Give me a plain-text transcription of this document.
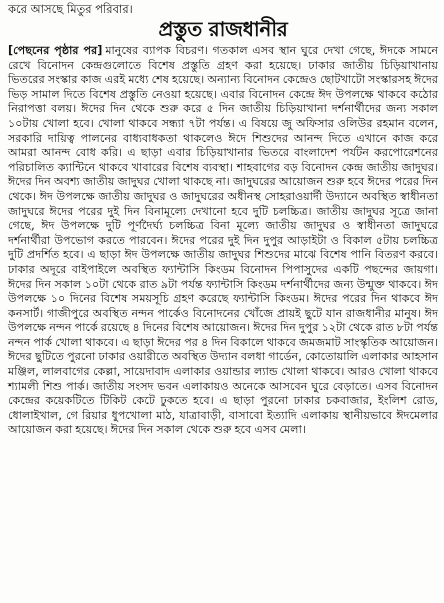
করে আসছে মিতুর পরিবার।
প্রস্তুত রাজধানীর
[পেছনের পৃষ্ঠার পর] মানুষের ব্যাপক বিচরণ। গতকাল এসব স্থান ঘুরে দেখা গেছে, ঈদকে সামনে রেখে বিনোদন কেন্দ্রগুলোতে বিশেষ প্রস্তুতি গ্রহণ করা হয়েছে। ঢাকার জাতীয় চিড়িয়াখানায় ভিতরের সংস্কার কাজ এরই মধ্যে শেষ হয়েছে। অন্যান্য বিনোদন কেন্দ্রেও ছোটখাটো সংস্কারসহ ঈদের ভিড় সামাল দিতে বিশেষ প্রস্তুতি নেওয়া হয়েছে। এবার বিনোদন কেন্দ্রে ঈদ উপলক্ষে থাকবে কঠোর নিরাপত্তা বলয়। ঈদের দিন থেকে শুরু করে ৫ দিন জাতীয় চিড়িয়াখানা দর্শনার্থীদের জন্য সকাল ১০টায় খোলা হবে। খোলা থাকবে সন্ধ্যা ৭টা পর্যন্ত। এ বিষয়ে জু অফিসার ওলিউর রহমান বলেন, সরকারি দায়িত্ব পালনের বাধ্যবাধকতা থাকলেও ঈদে শিশুদের আনন্দ দিতে এখানে কাজ করে আমরা আনন্দ বোধ করি। এ ছাড়া এবার চিড়িয়াখানার ভিতরে বাংলাদেশ পর্যটন করপোরেশনের পরিচালিত ক্যান্টিনে থাকবে খাবারের বিশেষ ব্যবস্থা। শাহবাগের বড় বিনোদন কেন্দ্র জাতীয় জাদুঘর। ঈদের দিন অবশ্য জাতীয় জাদুঘর খোলা থাকছে না। জাদুঘরের আয়োজন শুরু হবে ঈদের পরের দিন থেকে। ঈদ উপলক্ষে জাতীয় জাদুঘর ও জাদুঘরের অধীনস্থ সোহরাওয়ার্দী উদ্যানে অবস্থিত স্বাধীনতা জাদুঘরে ঈদের পরের দুই দিন বিনামূল্যে দেখানো হবে দুটি চলচ্চিত্র। জাতীয় জাদুঘর সূত্রে জানা গেছে, ঈদ উপলক্ষে দুটি পূর্ণদৈর্ঘ্য চলচ্চিত্র বিনা মূল্যে জাতীয় জাদুঘর ও স্বাধীনতা জাদুঘরে দর্শনার্থীরা উপভোগ করতে পারবেন। ঈদের পরের দুই দিন দুপুর আড়াইটা ও বিকাল ৫টায় চলচ্চিত্র দুটি প্রদর্শিত হবে। এ ছাড়া ঈদ উপলক্ষে জাতীয় জাদুঘর শিশুদের মাঝে বিশেষ পানি বিতরণ করবে। ঢাকার অদূরে বাইপাইলে অবস্থিত ফ্যান্টাসি কিংডম বিনোদন পিপাসুদের একটি পছন্দের জায়গা। ঈদের দিন সকাল ১০টা থেকে রাত ৯টা পর্যন্ত ফ্যান্টাসি কিংডম দর্শনার্থীদের জন্য উন্মুক্ত থাকবে। ঈদ উপলক্ষে ১০ দিনের বিশেষ সময়সূচি গ্রহণ করেছে ফ্যান্টাসি কিংডম। ঈদের পরের দিন থাকবে ঈদ কনসার্ট। গাজীপুরে অবস্থিত নন্দন পার্কেও বিনোদনের খোঁজে প্রায়ই ছুটে যান রাজধানীর মানুষ। ঈদ উপলক্ষে নন্দন পার্কে রয়েছে ৪ দিনের বিশেষ আয়োজন। ঈদের দিন দুপুর ১২টা থেকে রাত ৮টা পর্যন্ত নন্দন পার্ক খোলা থাকবে। এ ছাড়া ঈদের পর ৪ দিন বিকালে থাকবে জমজমাট সাংস্কৃতিক আয়োজন। ঈদের ছুটিতে পুরনো ঢাকার ওয়ারীতে অবস্থিত উদ্যান বলধা গার্ডেন, কোতোয়ালি এলাকার আহসান মঞ্জিল, লালবাগের কেল্লা, সায়েদাবাদ এলাকার ওয়ান্ডার ল্যান্ড খোলা থাকবে। আরও খোলা থাকবে শ্যামলী শিশু পার্ক। জাতীয় সংসদ ভবন এলাকায়ও অনেকে আসবেন ঘুরে বেড়াতে। এসব বিনোদন কেন্দ্রের কয়েকটিতে টিকিট কেটে ঢুকতে হবে। এ ছাড়া পুরনো ঢাকার চকবাজার, ইংলিশ রোড, ধোলাইখাল, গে রিয়ার ধুপখোলা মাঠ, যাত্রাবাড়ী, বাসাবো ইত্যাদি এলাকায় স্থানীয়ভাবে ঈদমেলার আয়োজন করা হয়েছে। ঈদের দিন সকাল থেকে শুরু হবে এসব মেলা।
